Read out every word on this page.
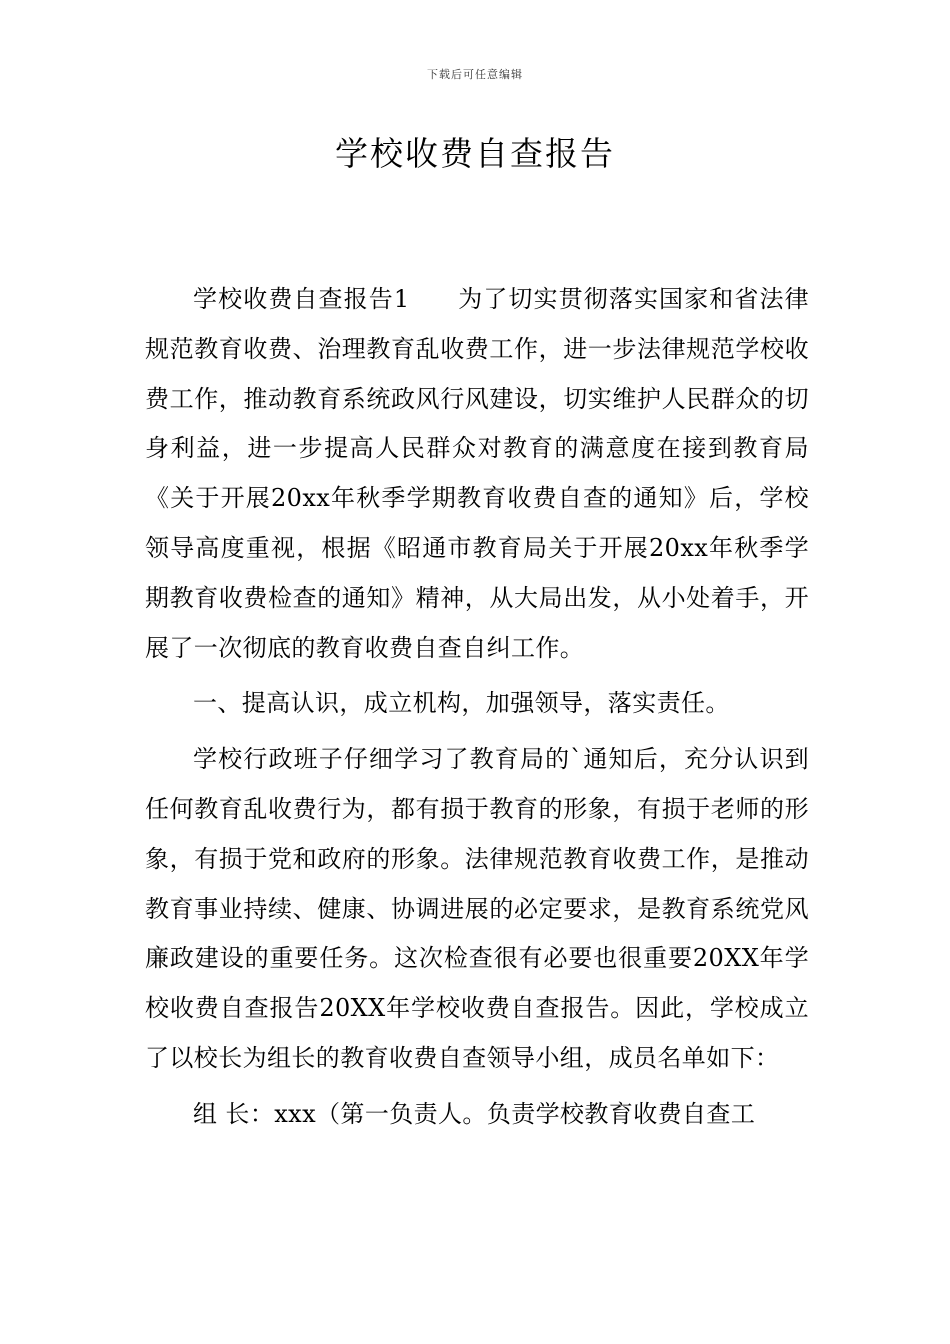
下载后可任意编辑
学校收费自查报告

学校收费自查报告1 为了切实贯彻落实国家和省法律规范教育收费、治理教育乱收费工作，进一步法律规范学校收费工作，推动教育系统政风行风建设，切实维护人民群众的切身利益，进一步提高人民群众对教育的满意度在接到教育局《关于开展20xx年秋季学期教育收费自查的通知》后，学校领导高度重视，根据《昭通市教育局关于开展20xx年秋季学期教育收费检查的通知》精神，从大局出发，从小处着手，开展了一次彻底的教育收费自查自纠工作。

一、提高认识，成立机构，加强领导，落实责任。

学校行政班子仔细学习了教育局的`通知后，充分认识到任何教育乱收费行为，都有损于教育的形象，有损于老师的形象，有损于党和政府的形象。法律规范教育收费工作，是推动教育事业持续、健康、协调进展的必定要求，是教育系统党风廉政建设的重要任务。这次检查很有必要也很重要20XX年学校收费自查报告20XX年学校收费自查报告。因此，学校成立了以校长为组长的教育收费自查领导小组，成员名单如下：

组 长：xxx（第一负责人。负责学校教育收费自查工
